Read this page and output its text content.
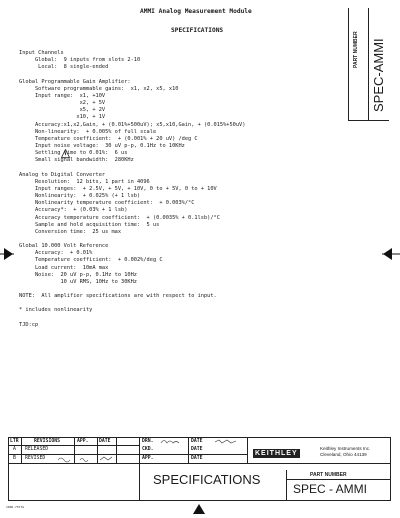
AMMI Analog Measurement Module
SPECIFICATIONS
PART NUMBER SPEC-AMMI
Input Channels
Global:  9 inputs from slots 2-10
Local:  8 single-ended
Global Programmable Gain Amplifier:
Software programmable gains:  x1, x2, x5, x10
Input range:  x1, +10V
x2, + 5V
x5, + 2V
x10, + 1V
Accuracy:x1,x2,Gain, + (0.01%+500uV); x5,x10,Gain, + (0.015%+50uV)
Non-linearity:  + 0.005% of full scale
Temperature coefficient:  + (0.001% + 20 uV) /deg C
Input noise voltage:  30 uV p-p, 0.1Hz to 10KHz
Settling time to 0.01%:  6 us
Small signal bandwidth:  280KHz
Analog to Digital Converter
Resolution:  12 bits, 1 part in 4096
Input ranges:  + 2.5V, + 5V, + 10V, 0 to + 5V, 0 to + 10V
Nonlinearity:  + 0.025% (+ 1 lsb)
Nonlinearity temperature coefficient:  + 0.003%/°C
Accuracy*:  + (0.03% + 1 lsb)
Accuracy temperature coefficient:  + (0.0035% + 0.1lsb)/°C
Sample and hold acquisition time:  5 us
Conversion time:  25 us max
Global 10.000 Volt Reference
Accuracy:  + 0.01%
Temperature coefficient:  + 0.002%/deg C
Load current:  10mA max
Noise:  20 uV p-p, 0.1Hz to 10Hz
10 uV RMS, 10Hz to 30KHz
NOTE:  All amplifier specifications are with respect to input.
* includes nonlinearity
TJD:cp
LTR	REVISIONS	APP. DATE
A RELEASED
B REVISED
DRN.	DATE
CKD.	DATE
APP.	DATE
KEITHLEY
Keithley Instruments Inc.
Cleveland, Ohio 44139
SPECIFICATIONS	PART NUMBER
SPEC - AMMI
1906-7577A
